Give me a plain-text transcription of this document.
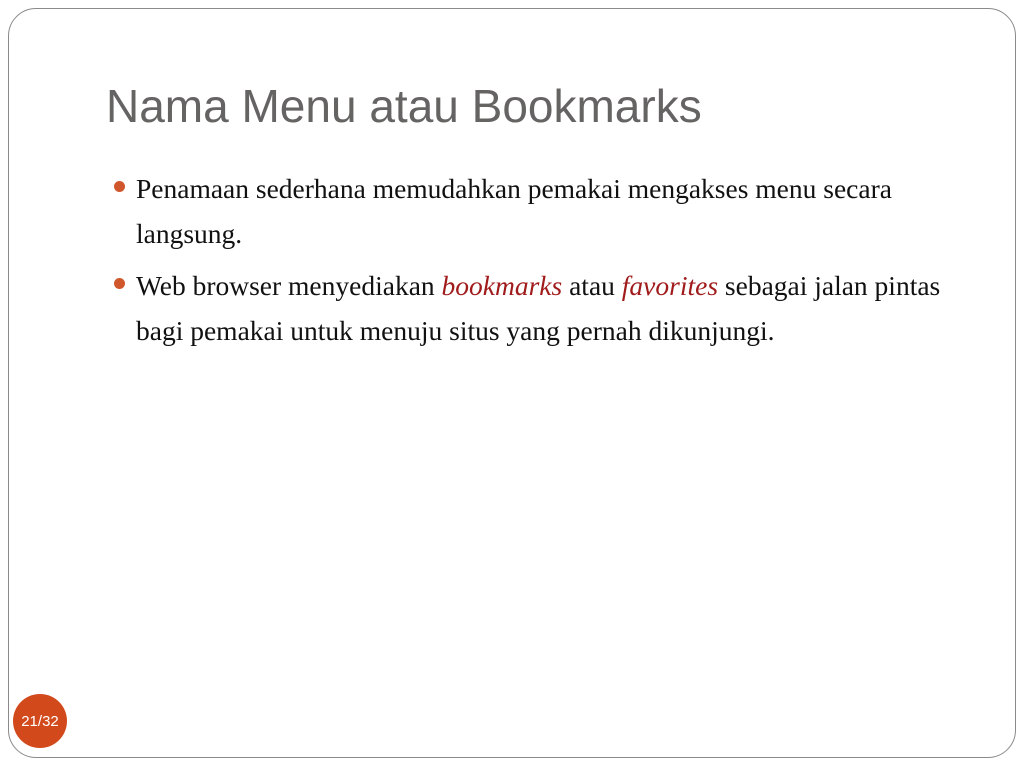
Nama Menu atau Bookmarks
Penamaan sederhana memudahkan pemakai mengakses menu secara langsung.
Web browser menyediakan bookmarks atau favorites sebagai jalan pintas bagi pemakai untuk menuju situs yang pernah dikunjungi.
21/32
